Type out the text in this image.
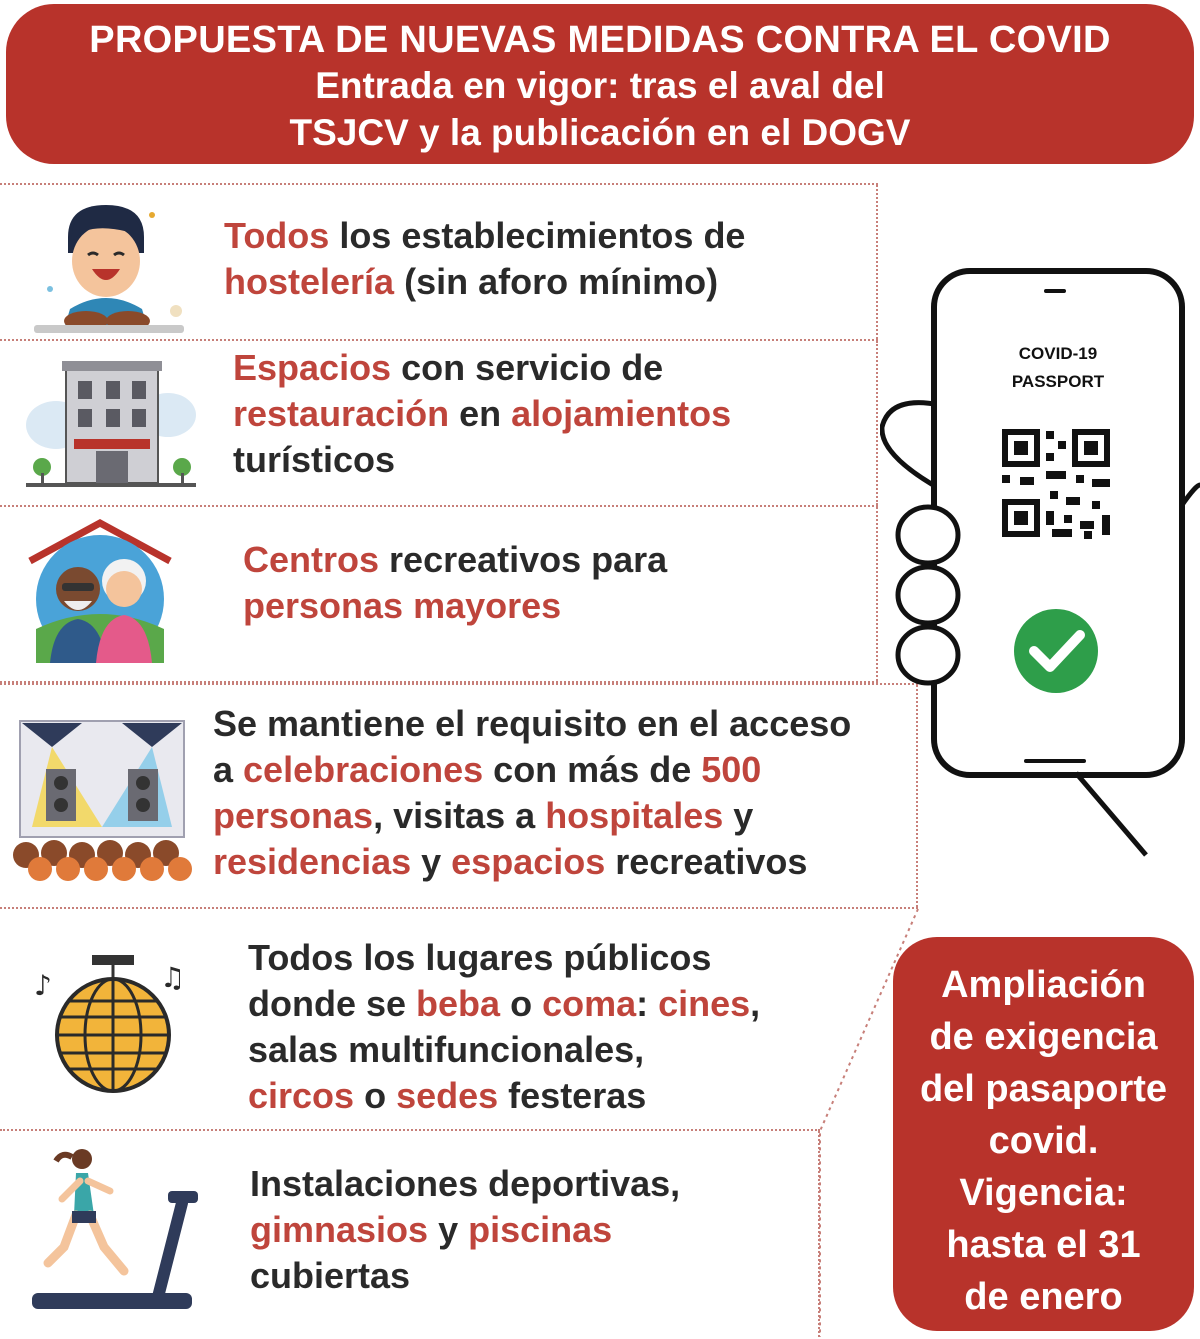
PROPUESTA DE NUEVAS MEDIDAS CONTRA EL COVID
Entrada en vigor: tras el aval del
TSJCV y la publicación en el DOGV
Todos los establecimientos de
hostelería (sin aforo mínimo)
Espacios con servicio de
restauración en alojamientos
turísticos
Centros recreativos para
personas mayores
Se mantiene el requisito en el acceso
a celebraciones con más de 500
personas, visitas a hospitales y
residencias y espacios recreativos
♪	♫ Todos los lugares públicos
donde se beba o coma: cines,
salas multifuncionales,
circos o sedes festeras
Instalaciones deportivas,
gimnasios y piscinas
cubiertas
COVID-19
PASSPORT
Ampliación
de exigencia
del pasaporte
covid.
Vigencia:
hasta el 31
de enero
